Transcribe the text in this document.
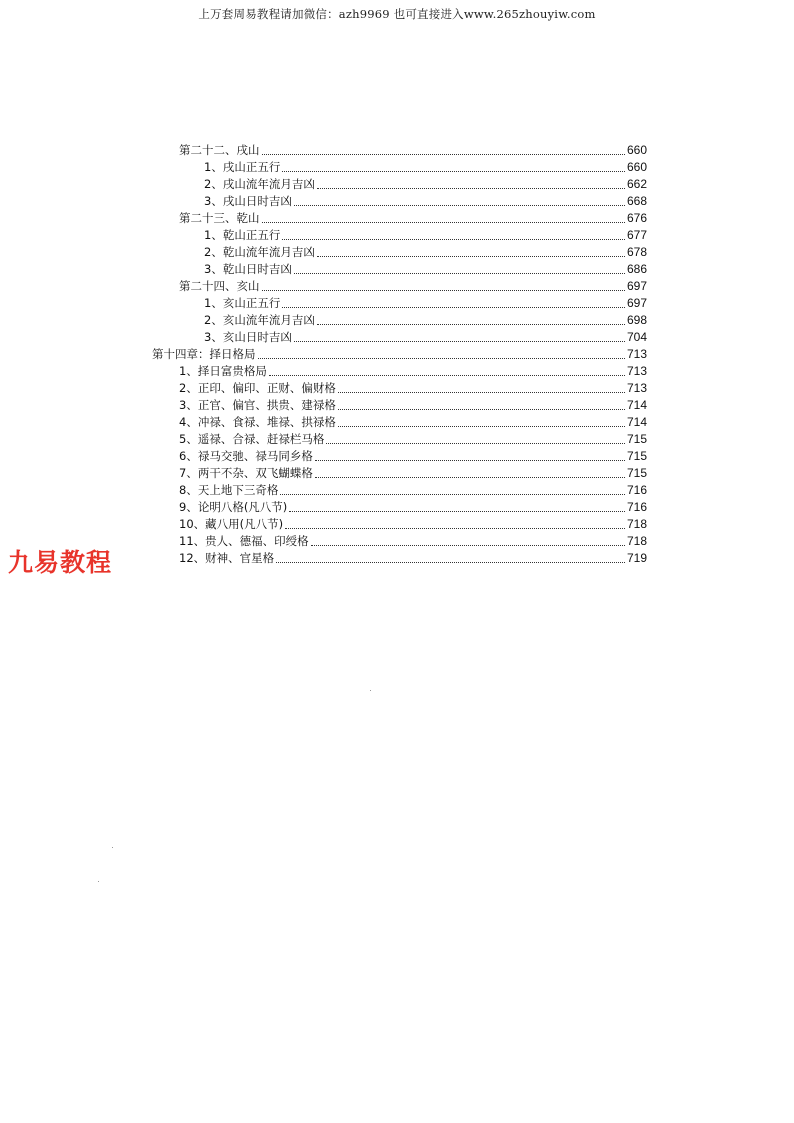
上万套周易教程请加微信：azh9969 也可直接进入www.265zhouyiw.com
第二十二、戌山	660
1、戌山正五行	660
2、戌山流年流月吉凶	662
3、戌山日时吉凶	668
第二十三、乾山	676
1、乾山正五行	677
2、乾山流年流月吉凶	678
3、乾山日时吉凶	686
第二十四、亥山	697
1、亥山正五行	697
2、亥山流年流月吉凶	698
3、亥山日时吉凶	704
第十四章：择日格局	713
1、择日富贵格局	713
2、正印、偏印、正财、偏财格	713
3、正官、偏官、拱贵、建禄格	714
4、冲禄、食禄、堆禄、拱禄格	714
5、遥禄、合禄、赶禄栏马格	715
6、禄马交驰、禄马同乡格	715
7、两干不杂、双飞蝴蝶格	715
8、天上地下三奇格	716
9、论明八格(凡八节)	716
10、藏八用(凡八节)	718
11、贵人、德福、印绶格	718
12、财神、官星格	719
九易教程
